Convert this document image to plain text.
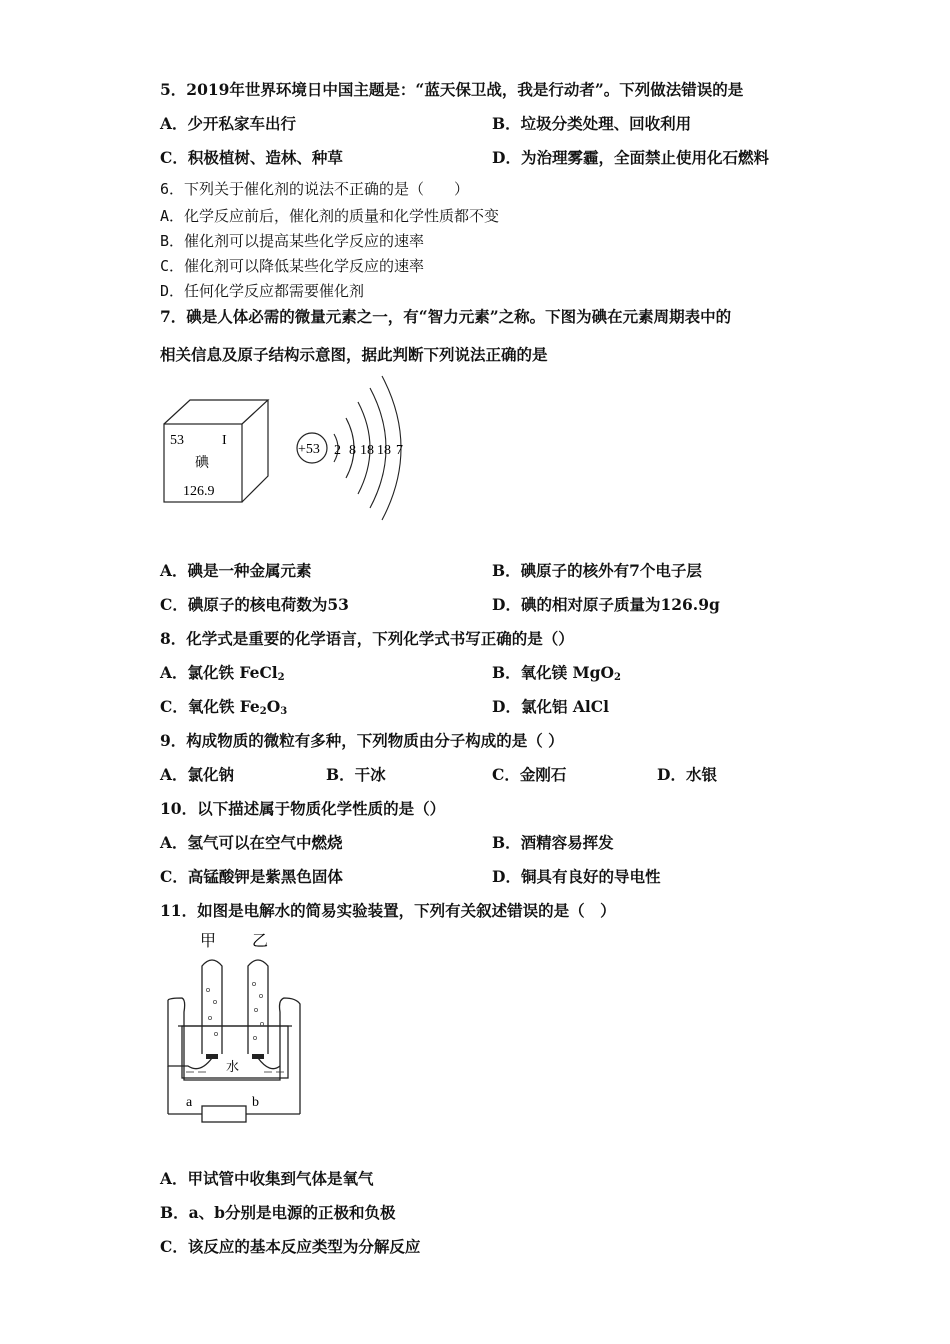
5．2019年世界环境日中国主题是：“蓝天保卫战，我是行动者”。下列做法错误的是
A．少开私家车出行	B．垃圾分类处理、回收利用
C．积极植树、造林、种草	D．为治理雾霾，全面禁止使用化石燃料
6．下列关于催化剂的说法不正确的是（　　）
A．化学反应前后，催化剂的质量和化学性质都不变
B．催化剂可以提高某些化学反应的速率
C．催化剂可以降低某些化学反应的速率
D．任何化学反应都需要催化剂
7．碘是人体必需的微量元素之一，有“智力元素”之称。下图为碘在元素周期表中的
相关信息及原子结构示意图，据此判断下列说法正确的是
53	I
碘
126.9
+53 2 8 18 18 7
A．碘是一种金属元素	B．碘原子的核外有7个电子层
C．碘原子的核电荷数为53	D．碘的相对原子质量为126.9g
8．化学式是重要的化学语言，下列化学式书写正确的是（）
A．氯化铁 FeCl$_2$	B．氧化镁 MgO$_2$
C．氧化铁 $Fe_2O_3$	D．氯化铝 AlCl
9．构成物质的微粒有多种，下列物质由分子构成的是（ ）
A．氯化钠	B．干冰	C．金刚石	D．水银
10．以下描述属于物质化学性质的是（）
A．氢气可以在空气中燃烧	B．酒精容易挥发
C．高锰酸钾是紫黑色固体	D．铜具有良好的导电性
11．如图是电解水的简易实验装置，下列有关叙述错误的是（　）
甲 乙
水
a	b
A．甲试管中收集到气体是氧气
B．a、b分别是电源的正极和负极
C．该反应的基本反应类型为分解反应
